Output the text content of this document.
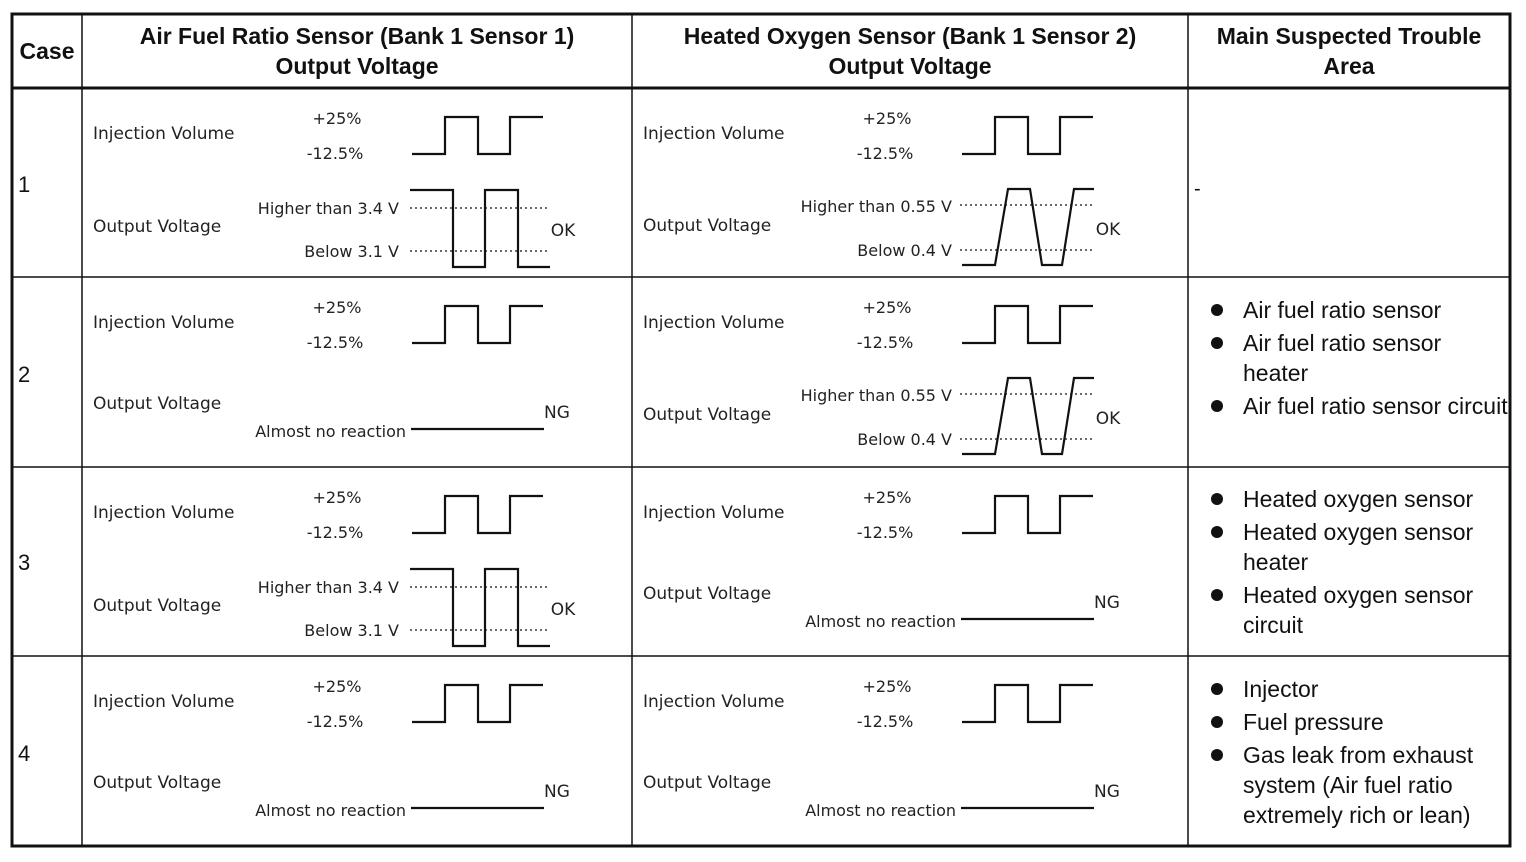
Injection Volume
+25%
-12.5%
Output Voltage
Higher than 3.4 V
Below 3.1 V
OK
Injection Volume
+25%
-12.5%
Output Voltage
Higher than 0.55 V
Below 0.4 V
OK
Injection Volume
+25%
-12.5%
Output Voltage
Almost no reaction
NG
Injection Volume
+25%
-12.5%
Output Voltage
Higher than 0.55 V
Below 0.4 V
OK
Injection Volume
+25%
-12.5%
Output Voltage
Higher than 3.4 V
Below 3.1 V
OK
Injection Volume
+25%
-12.5%
Output Voltage
Almost no reaction
NG
Injection Volume
+25%
-12.5%
Output Voltage
Almost no reaction
NG
Injection Volume
+25%
-12.5%
Output Voltage
Almost no reaction
NG
Case
Air Fuel Ratio Sensor (Bank 1 Sensor 1)
Output Voltage
Heated Oxygen Sensor (Bank 1 Sensor 2)
Output Voltage
Main Suspected Trouble
Area
1
2
3
4
-
Air fuel ratio sensor
Air fuel ratio sensor heater
Air fuel ratio sensor circuit
Heated oxygen sensor
Heated oxygen sensor heater
Heated oxygen sensor circuit
Injector
Fuel pressure
Gas leak from exhaust system (Air fuel ratio extremely rich or lean)
